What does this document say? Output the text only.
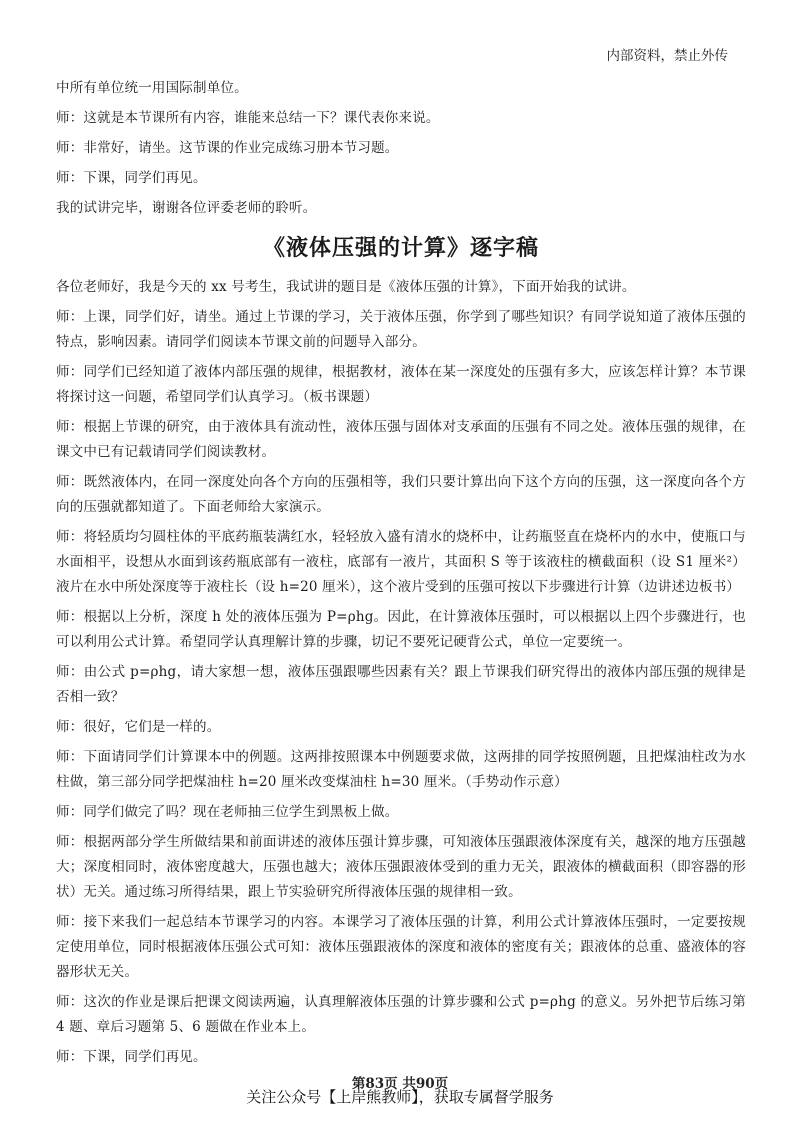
内部资料，禁止外传

中所有单位统一用国际制单位。

师：这就是本节课所有内容，谁能来总结一下？课代表你来说。

师：非常好，请坐。这节课的作业完成练习册本节习题。

师：下课，同学们再见。

我的试讲完毕，谢谢各位评委老师的聆听。

《液体压强的计算》逐字稿

各位老师好，我是今天的 xx 号考生，我试讲的题目是《液体压强的计算》，下面开始我的试讲。

师：上课，同学们好，请坐。通过上节课的学习，关于液体压强，你学到了哪些知识？有同学说知道了液体压强的特点，影响因素。请同学们阅读本节课文前的问题导入部分。

师：同学们已经知道了液体内部压强的规律，根据教材，液体在某一深度处的压强有多大，应该怎样计算？本节课将探讨这一问题，希望同学们认真学习。（板书课题）

师：根据上节课的研究，由于液体具有流动性，液体压强与固体对支承面的压强有不同之处。液体压强的规律，在课文中已有记载请同学们阅读教材。

师：既然液体内，在同一深度处向各个方向的压强相等，我们只要计算出向下这个方向的压强，这一深度向各个方向的压强就都知道了。下面老师给大家演示。

师：将轻质均匀圆柱体的平底药瓶装满红水，轻轻放入盛有清水的烧杯中，让药瓶竖直在烧杯内的水中，使瓶口与水面相平，设想从水面到该药瓶底部有一液柱，底部有一液片，其面积 S 等于该液柱的横截面积（设 S1 厘米²）液片在水中所处深度等于液柱长（设 h=20 厘米），这个液片受到的压强可按以下步骤进行计算（边讲述边板书）

师：根据以上分析，深度 h 处的液体压强为 P=ρhg。因此，在计算液体压强时，可以根据以上四个步骤进行，也可以利用公式计算。希望同学认真理解计算的步骤，切记不要死记硬背公式，单位一定要统一。

师：由公式 p=ρhg，请大家想一想，液体压强跟哪些因素有关？跟上节课我们研究得出的液体内部压强的规律是否相一致？

师：很好，它们是一样的。

师：下面请同学们计算课本中的例题。这两排按照课本中例题要求做，这两排的同学按照例题，且把煤油柱改为水柱做，第三部分同学把煤油柱 h=20 厘米改变煤油柱 h=30 厘米。（手势动作示意）

师：同学们做完了吗？现在老师抽三位学生到黑板上做。

师：根据两部分学生所做结果和前面讲述的液体压强计算步骤，可知液体压强跟液体深度有关，越深的地方压强越大；深度相同时，液体密度越大，压强也越大；液体压强跟液体受到的重力无关，跟液体的横截面积（即容器的形状）无关。通过练习所得结果，跟上节实验研究所得液体压强的规律相一致。

师：接下来我们一起总结本节课学习的内容。本课学习了液体压强的计算，利用公式计算液体压强时，一定要按规定使用单位，同时根据液体压强公式可知：液体压强跟液体的深度和液体的密度有关；跟液体的总重、盛液体的容器形状无关。

师：这次的作业是课后把课文阅读两遍，认真理解液体压强的计算步骤和公式 p=ρhg 的意义。另外把节后练习第 4 题、章后习题第 5、6 题做在作业本上。

师：下课，同学们再见。

第83页 共90页
关注公众号【上岸熊教师】，获取专属督学服务
